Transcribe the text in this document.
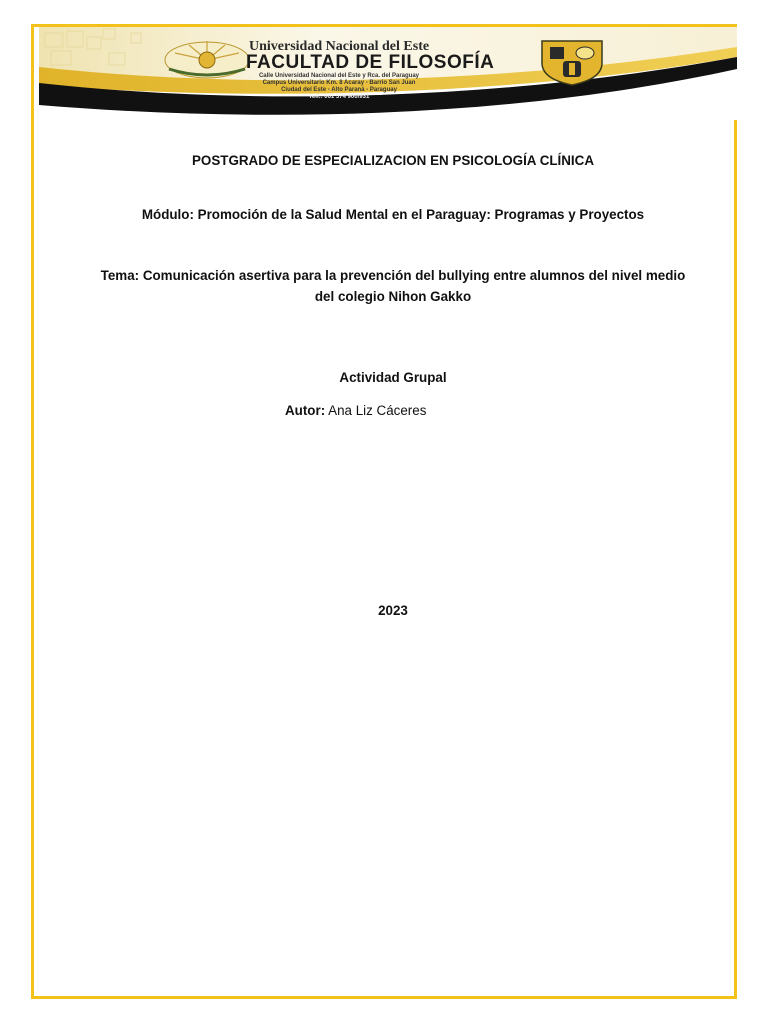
Universidad Nacional del Este
FACULTAD DE FILOSOFÍA
Calle Universidad Nacional del Este y Rca. del Paraguay
Campus Universitario Km. 8 Acaray - Barrio San Juan
Ciudad del Este - Alto Paraná - Paraguay
Telf.: 061 574 900/931
POSTGRADO DE ESPECIALIZACION EN PSICOLOGÍA CLÍNICA
Módulo: Promoción de la Salud Mental en el Paraguay: Programas y Proyectos
Tema: Comunicación asertiva para la prevención del bullying entre alumnos del nivel medio del colegio Nihon Gakko
Actividad Grupal
Autor: Ana Liz Cáceres
2023
